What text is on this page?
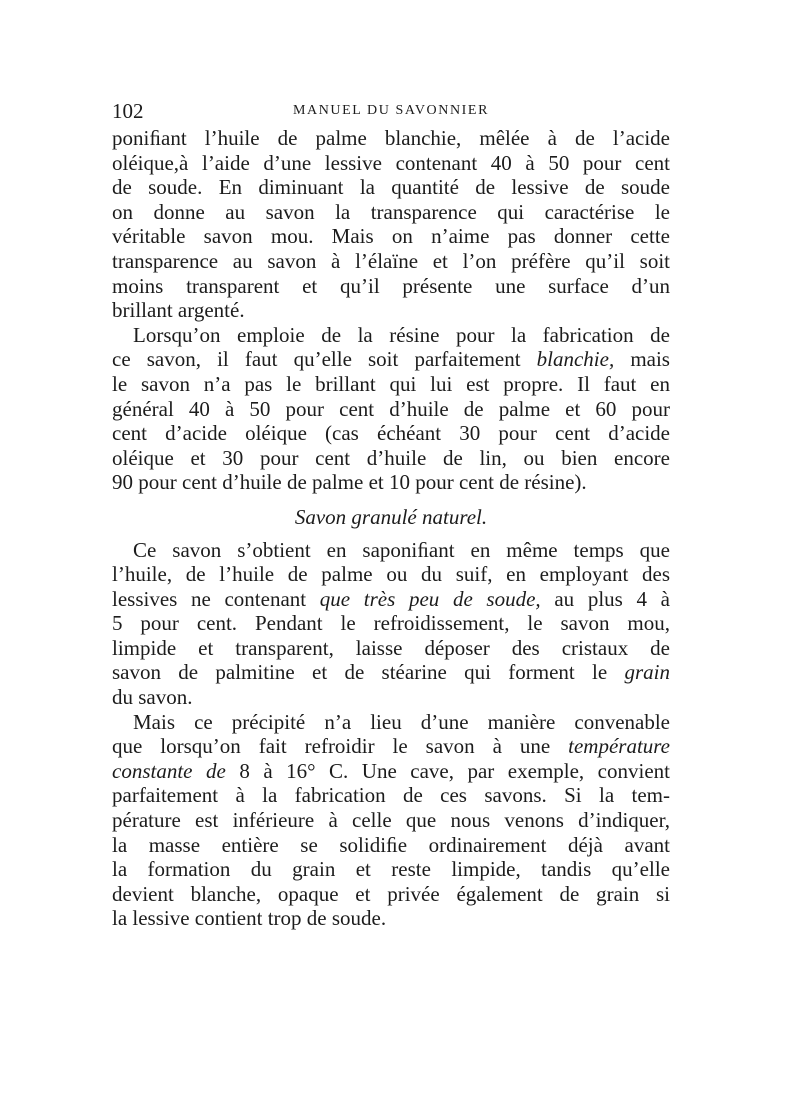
102	MANUEL DU SAVONNIER
poniﬁant l’huile de palme blanchie, mêlée à de l’acide
oléique,à l’aide d’une lessive contenant 40 à 50 pour cent
de soude. En diminuant la quantité de lessive de soude
on donne au savon la transparence qui caractérise le
véritable savon mou. Mais on n’aime pas donner cette
transparence au savon à l’élaïne et l’on préfère qu’il soit
moins transparent et qu’il présente une surface d’un
brillant argenté.
Lorsqu’on emploie de la résine pour la fabrication de
ce savon, il faut qu’elle soit parfaitement blanchie, mais
le savon n’a pas le brillant qui lui est propre. Il faut en
général 40 à 50 pour cent d’huile de palme et 60 pour
cent d’acide oléique (cas échéant 30 pour cent d’acide
oléique et 30 pour cent d’huile de lin, ou bien encore
90 pour cent d’huile de palme et 10 pour cent de résine).
Savon granulé naturel.
Ce savon s’obtient en saponiﬁant en même temps que
l’huile, de l’huile de palme ou du suif, en employant des
lessives ne contenant que très peu de soude, au plus 4 à
5 pour cent. Pendant le refroidissement, le savon mou,
limpide et transparent, laisse déposer des cristaux de
savon de palmitine et de stéarine qui forment le grain
du savon.
Mais ce précipité n’a lieu d’une manière convenable
que lorsqu’on fait refroidir le savon à une température
constante de 8 à 16° C. Une cave, par exemple, convient
parfaitement à la fabrication de ces savons. Si la tem-
pérature est inférieure à celle que nous venons d’indiquer,
la masse entière se solidiﬁe ordinairement déjà avant
la formation du grain et reste limpide, tandis qu’elle
devient blanche, opaque et privée également de grain si
la lessive contient trop de soude.
